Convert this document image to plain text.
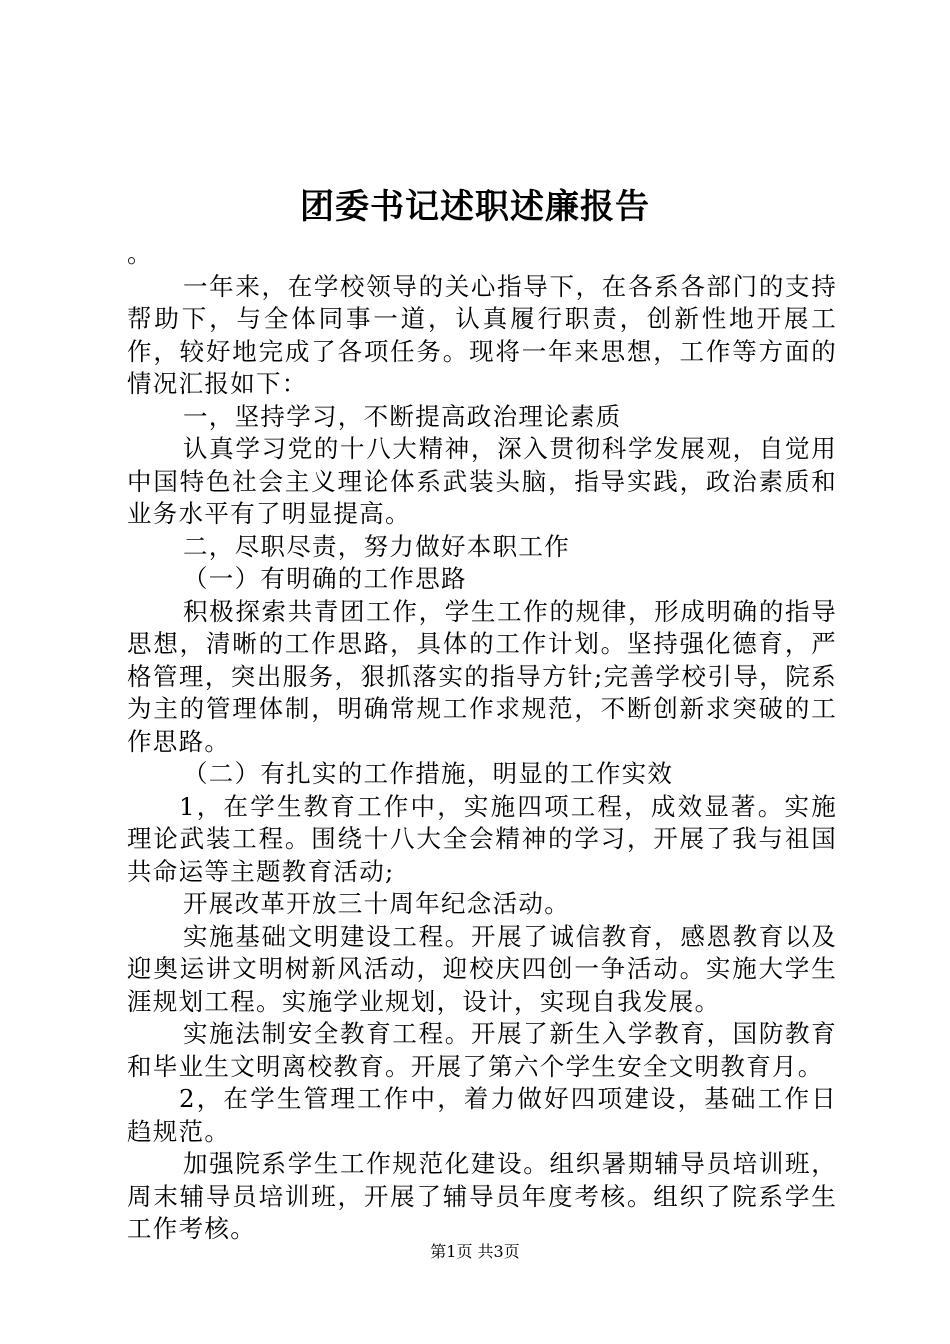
团委书记述职述廉报告

。

一年来，在学校领导的关心指导下，在各系各部门的支持帮助下，与全体同事一道，认真履行职责，创新性地开展工作，较好地完成了各项任务。现将一年来思想，工作等方面的情况汇报如下：

一，坚持学习，不断提高政治理论素质

认真学习党的十八大精神，深入贯彻科学发展观，自觉用中国特色社会主义理论体系武装头脑，指导实践，政治素质和业务水平有了明显提高。

二，尽职尽责，努力做好本职工作

（一）有明确的工作思路

积极探索共青团工作，学生工作的规律，形成明确的指导思想，清晰的工作思路，具体的工作计划。坚持强化德育，严格管理，突出服务，狠抓落实的指导方针;完善学校引导，院系为主的管理体制，明确常规工作求规范，不断创新求突破的工作思路。

（二）有扎实的工作措施，明显的工作实效

1，在学生教育工作中，实施四项工程，成效显著。实施理论武装工程。围绕十八大全会精神的学习，开展了我与祖国共命运等主题教育活动;

开展改革开放三十周年纪念活动。

实施基础文明建设工程。开展了诚信教育，感恩教育以及迎奥运讲文明树新风活动，迎校庆四创一争活动。实施大学生涯规划工程。实施学业规划，设计，实现自我发展。

实施法制安全教育工程。开展了新生入学教育，国防教育和毕业生文明离校教育。开展了第六个学生安全文明教育月。

2，在学生管理工作中，着力做好四项建设，基础工作日趋规范。

加强院系学生工作规范化建设。组织暑期辅导员培训班，周末辅导员培训班，开展了辅导员年度考核。组织了院系学生工作考核。

第1页 共3页
